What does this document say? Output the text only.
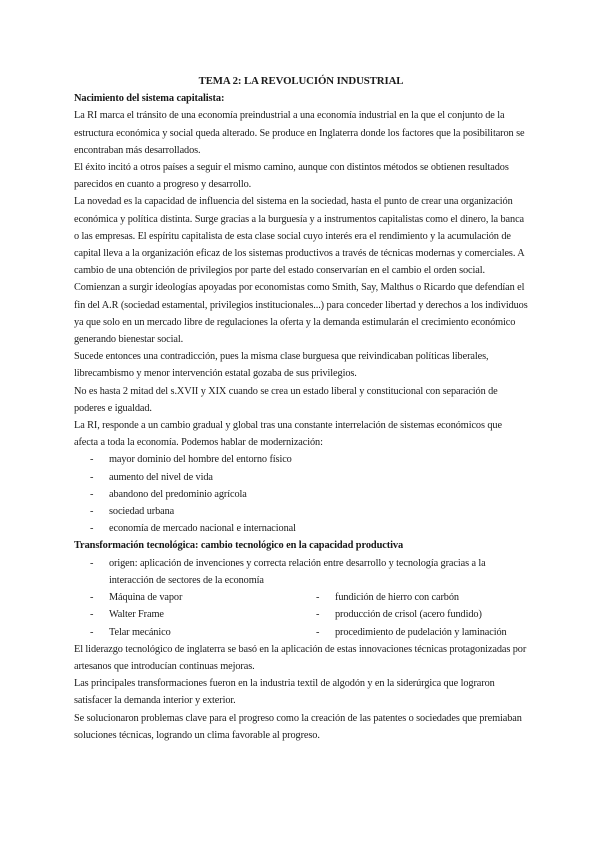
TEMA 2: LA REVOLUCIÓN INDUSTRIAL

Nacimiento del sistema capitalista:

La RI marca el tránsito de una economía preindustrial a una economía industrial en la que el conjunto de la estructura económica y social queda alterado. Se produce en Inglaterra donde los factores que la posibilitaron se encontraban más desarrollados.

El éxito incitó a otros países a seguir el mismo camino, aunque con distintos métodos se obtienen resultados parecidos en cuanto a progreso y desarrollo.

La novedad es la capacidad de influencia del sistema en la sociedad, hasta el punto de crear una organización económica y política distinta. Surge gracias a la burguesía y a instrumentos capitalistas como el dinero, la banca o las empresas. El espíritu capitalista de esta clase social cuyo interés era el rendimiento y la acumulación de capital lleva a la organización eficaz de los sistemas productivos a través de técnicas modernas y comerciales. A cambio de una obtención de privilegios por parte del estado conservarían en el cambio el orden social.

Comienzan a surgir ideologías apoyadas por economistas como Smith, Say, Malthus o Ricardo que defendían el fin del A.R (sociedad estamental, privilegios institucionales...) para conceder libertad y derechos a los individuos ya que solo en un mercado libre de regulaciones la oferta y la demanda estimularán el crecimiento económico generando bienestar social.

Sucede entonces una contradicción, pues la misma clase burguesa que reivindicaban políticas liberales, librecambismo y menor intervención estatal gozaba de sus privilegios.

No es hasta 2 mitad del s.XVII y XIX cuando se crea un estado liberal y constitucional con separación de poderes e igualdad.

La RI, responde a un cambio gradual y global tras una constante interrelación de sistemas económicos que afecta a toda la economía. Podemos hablar de modernización:

- mayor dominio del hombre del entorno físico
- aumento del nivel de vida
- abandono del predominio agrícola
- sociedad urbana
- economía de mercado nacional e internacional

Transformación tecnológica: cambio tecnológico en la capacidad productiva

- origen: aplicación de invenciones y correcta relación entre desarrollo y tecnología gracias a la interacción de sectores de la economía
- Máquina de vapor
- Walter Frame
- Telar mecánico
- fundición de hierro con carbón
- producción de crisol (acero fundido)
- procedimiento de pudelación y laminación

El liderazgo tecnológico de inglaterra se basó en la aplicación de estas innovaciones técnicas protagonizadas por artesanos que introducían continuas mejoras.

Las principales transformaciones fueron en la industria textil de algodón y en la siderúrgica que lograron satisfacer la demanda interior y exterior.

Se solucionaron problemas clave para el progreso como la creación de las patentes o sociedades que premiaban soluciones técnicas, logrando un clima favorable al progreso.
